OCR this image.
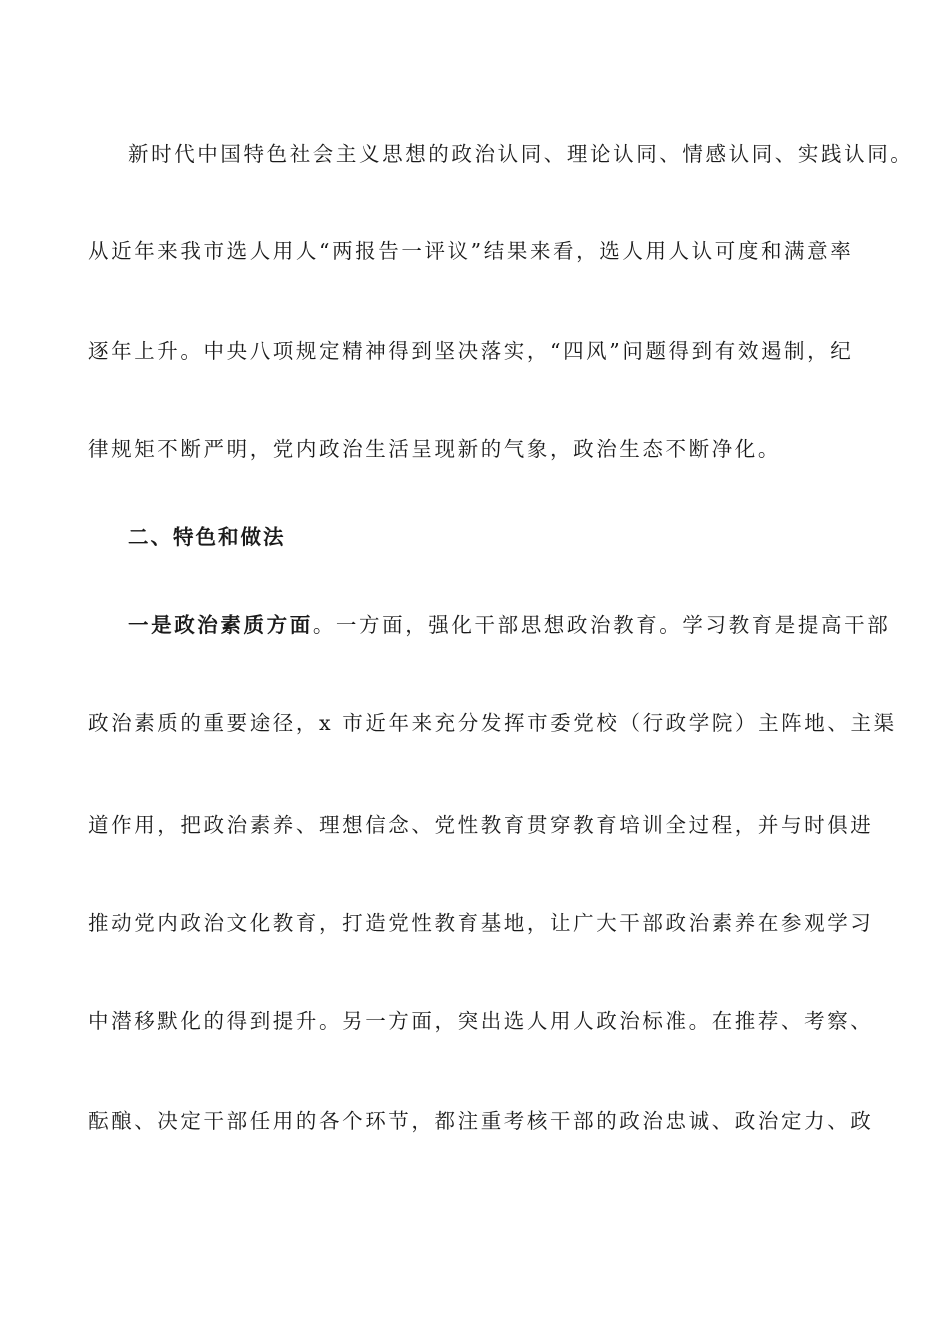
新时代中国特色社会主义思想的政治认同、理论认同、情感认同、实践认同。
从近年来我市选人用人“两报告一评议”结果来看，选人用人认可度和满意率
逐年上升。中央八项规定精神得到坚决落实，“四风”问题得到有效遏制，纪
律规矩不断严明，党内政治生活呈现新的气象，政治生态不断净化。
二、特色和做法
一是政治素质方面。一方面，强化干部思想政治教育。学习教育是提高干部
政治素质的重要途径，x 市近年来充分发挥市委党校（行政学院）主阵地、主渠
道作用，把政治素养、理想信念、党性教育贯穿教育培训全过程，并与时俱进
推动党内政治文化教育，打造党性教育基地，让广大干部政治素养在参观学习
中潜移默化的得到提升。另一方面，突出选人用人政治标准。在推荐、考察、
酝酿、决定干部任用的各个环节，都注重考核干部的政治忠诚、政治定力、政
